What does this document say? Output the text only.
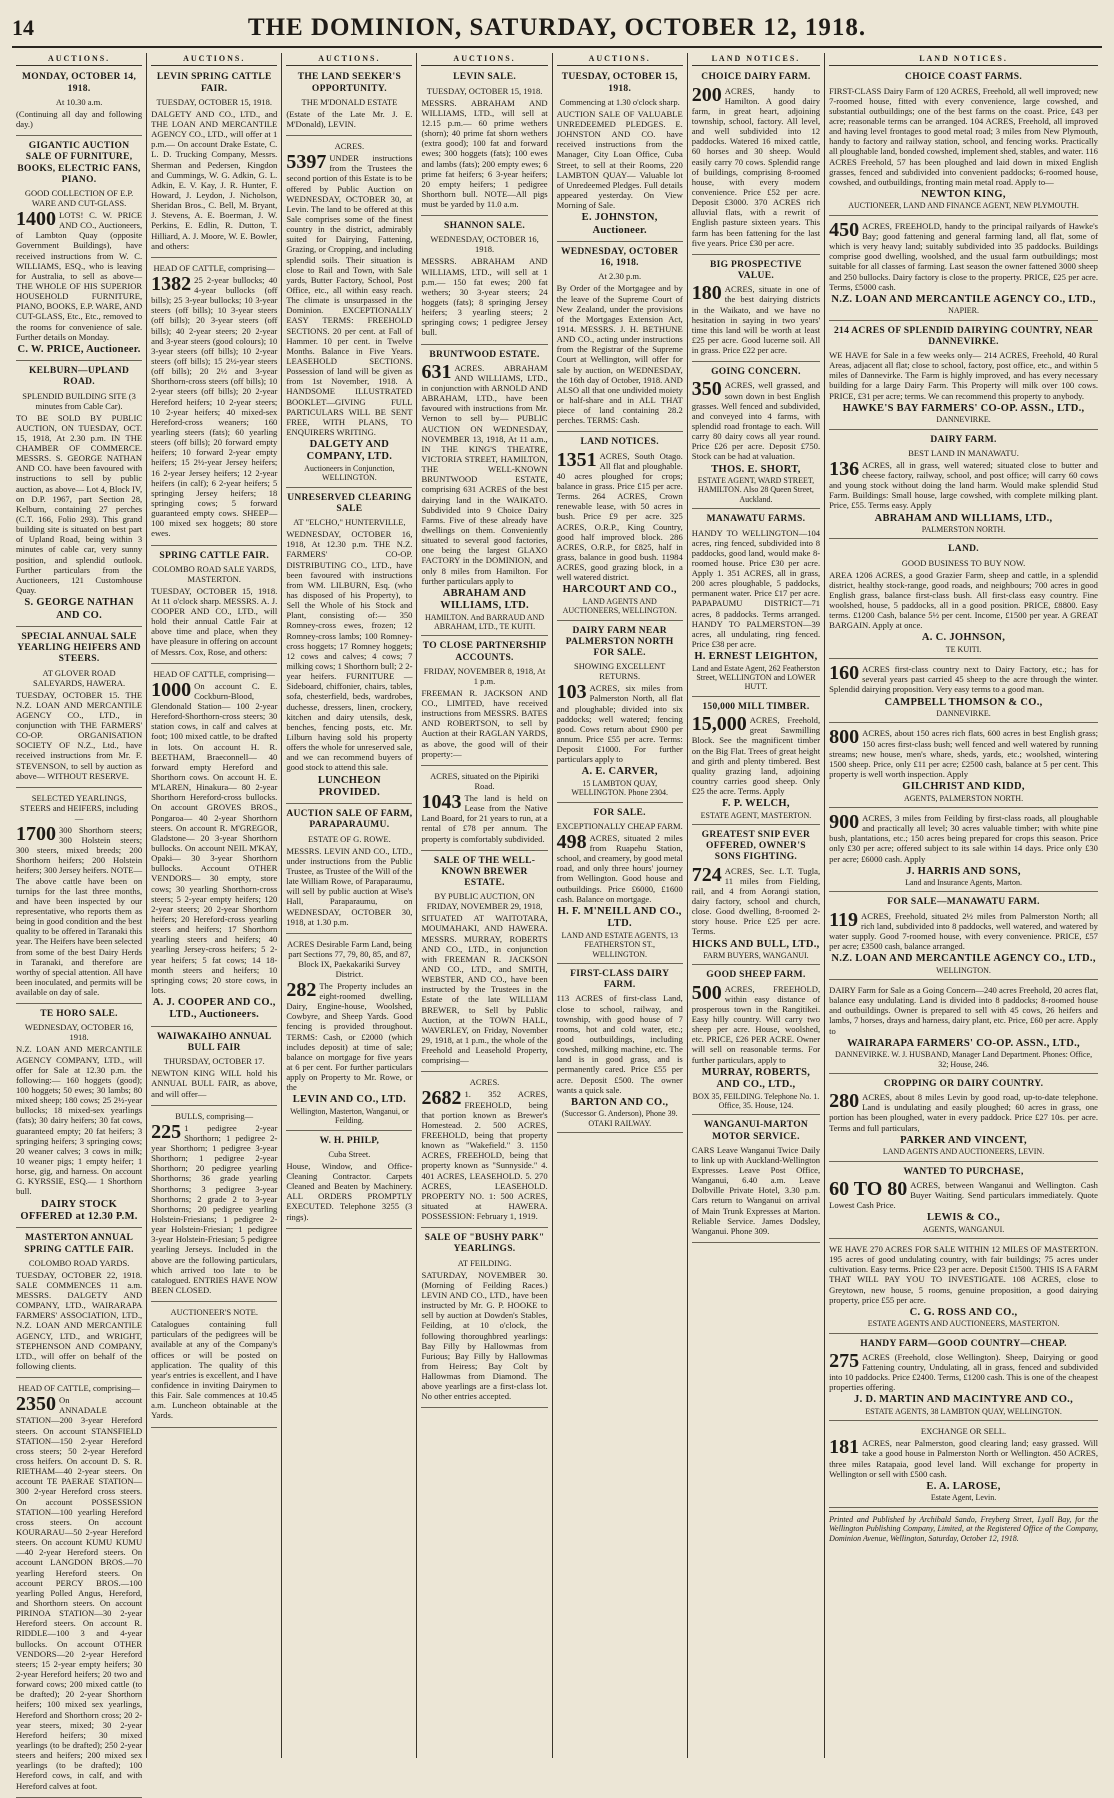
14	THE DOMINION, SATURDAY, OCTOBER 12, 1918.
AUCTIONS.
MONDAY, OCTOBER 14, 1918.
At 10.30 a.m.
(Continuing all day and following day.)
GIGANTIC AUCTION SALE OF FURNITURE, BOOKS, ELECTRIC FANS, PIANO.
GOOD COLLECTION OF E.P. WARE AND CUT-GLASS.
1400 LOTS! C. W. PRICE AND CO., Auctioneers, of Lambton Quay (opposite Government Buildings), have received instructions from W. C. WILLIAMS, ESQ., who is leaving for Australia, to sell as above— THE WHOLE OF HIS SUPERIOR HOUSEHOLD FURNITURE, PIANO, BOOKS, E.P. WARE, AND CUT-GLASS, Etc., Etc., removed to the rooms for convenience of sale. Further details on Monday.
C. W. PRICE, Auctioneer.
KELBURN—UPLAND ROAD.
SPLENDID BUILDING SITE (3 minutes from Cable Car).
TO BE SOLD BY PUBLIC AUCTION, ON TUESDAY, OCT. 15, 1918, At 2.30 p.m. IN THE CHAMBER OF COMMERCE. MESSRS. S. GEORGE NATHAN AND CO. have been favoured with instructions to sell by public auction, as above— Lot 4, Block IV, on D.P. 1967, part Section 28, Kelburn, containing 27 perches (C.T. 166, Folio 293). This grand building site is situated on best part of Upland Road, being within 3 minutes of cable car, very sunny position, and splendid outlook. Further particulars from the Auctioneers, 121 Customhouse Quay.
S. GEORGE NATHAN AND CO.
SPECIAL ANNUAL SALE YEARLING HEIFERS AND STEERS.
AT GLOVER ROAD SALEYARDS, HAWERA.
TUESDAY, OCTOBER 15. THE N.Z. LOAN AND MERCANTILE AGENCY CO., LTD., in conjunction with THE FARMERS' CO-OP. ORGANISATION SOCIETY OF N.Z., Ltd., have received instructions from Mr. F. STEVENSON, to sell by auction as above— WITHOUT RESERVE.
SELECTED YEARLINGS, STEERS and HEIFERS, including—
1700 300 Shorthorn steers; 300 Holstein steers; 300 steers, mixed breeds; 200 Shorthorn heifers; 200 Holstein heifers; 300 Jersey heifers. NOTE—The above cattle have been on turnips for the last three months, and have been inspected by our representative, who reports them as being in good condition and the best quality to be offered in Taranaki this year. The Heifers have been selected from some of the best Dairy Herds in Taranaki, and therefore are worthy of special attention. All have been inoculated, and permits will be available on day of sale.
TE HORO SALE.
WEDNESDAY, OCTOBER 16, 1918.
N.Z. LOAN AND MERCANTILE AGENCY COMPANY, LTD., will offer for Sale at 12.30 p.m. the following:— 160 hoggets (good); 100 hoggets; 50 ewes; 30 lambs; 80 mixed sheep; 180 cows; 25 2½-year bullocks; 18 mixed-sex yearlings (fats); 30 dairy heifers; 30 fat cows, guaranteed empty; 20 fat heifers; 3 springing heifers; 3 springing cows; 20 weaner calves; 3 cows in milk; 10 weaner pigs; 1 empty heifer; 1 horse, gig, and harness. On account G. KYRSSIE, ESQ.— 1 Shorthorn bull.
DAIRY STOCK OFFERED at 12.30 P.M.
MASTERTON ANNUAL SPRING CATTLE FAIR.
COLOMBO ROAD YARDS.
TUESDAY, OCTOBER 22, 1918. SALE COMMENCES 11 a.m. MESSRS. DALGETY AND COMPANY, LTD., WAIRARAPA FARMERS' ASSOCIATION, LTD., N.Z. LOAN AND MERCANTILE AGENCY, LTD., and WRIGHT, STEPHENSON AND COMPANY, LTD., will offer on behalf of the following clients.
HEAD OF CATTLE, comprising—
2350 On account ANNADALE STATION—200 3-year Hereford steers. On account STANSFIELD STATION—150 2-year Hereford cross steers; 50 2-year Hereford cross heifers. On account D. S. R. RIETHAM—40 2-year steers. On account TE PAERAE STATION—300 2-year Hereford cross steers. On account POSSESSION STATION—100 yearling Hereford cross steers. On account KOURARAU—50 2-year Hereford steers. On account KUMU KUMU—40 2-year Hereford steers. On account LANGDON BROS.—70 yearling Hereford steers. On account PERCY BROS.—100 yearling Polled Angus, Hereford, and Shorthorn steers. On account PIRINOA STATION—30 2-year Hereford steers. On account R. RIDDLE—100 3 and 4-year bullocks. On account OTHER VENDORS—20 2-year Hereford steers; 15 2-year empty heifers; 30 2-year Hereford heifers; 20 two and forward cows; 200 mixed cattle (to be drafted); 20 2-year Shorthorn heifers; 100 mixed sex yearlings, Hereford and Shorthorn cross; 20 2-year steers, mixed; 30 2-year Hereford heifers; 30 mixed yearlings (to be drafted); 250 2-year steers and heifers; 200 mixed sex yearlings (to be drafted); 100 Hereford cows, in calf, and with Hereford calves at foot.
AUCTIONS.
LEVIN SPRING CATTLE FAIR.
TUESDAY, OCTOBER 15, 1918.
DALGETY AND CO., LTD., and THE LOAN AND MERCANTILE AGENCY CO., LTD., will offer at 1 p.m.— On account Drake Estate, C. L. D. Trucking Company, Messrs. Sherman and Pedersen, Kingdon and Cummings, W. G. Adkin, G. L. Adkin, E. V. Kay, J. R. Hunter, F. Howard, J. Leydon, J. Nicholson, Sheridan Bros., C. Bell, M. Bryant, J. Stevens, A. E. Boerman, J. W. Perkins, E. Edlin, R. Dutton, T. Hilliard, A. J. Moore, W. E. Bowler, and others:
HEAD OF CATTLE, comprising—
1382 25 2-year bullocks; 40 4-year bullocks (off bills); 25 3-year bullocks; 10 3-year steers (off bills); 10 3-year steers (off bills); 20 3-year steers (off bills); 40 2-year steers; 20 2-year and 3-year steers (good colours); 10 3-year steers (off bills); 10 2-year steers (off bills); 15 2½-year steers (off bills); 20 2½ and 3-year Shorthorn-cross steers (off bills); 10 2-year steers (off bills); 20 2-year Hereford heifers; 10 2-year steers; 10 2-year heifers; 40 mixed-sex Hereford-cross weaners; 160 yearling steers (fats); 60 yearling steers (off bills); 20 forward empty heifers; 10 forward 2-year empty heifers; 15 2½-year Jersey heifers; 16 2-year Jersey heifers; 12 2-year heifers (in calf); 6 2-year heifers; 5 springing Jersey heifers; 18 springing cows; 5 forward guaranteed empty cows. SHEEP—100 mixed sex hoggets; 80 store ewes.
SPRING CATTLE FAIR.
COLOMBO ROAD SALE YARDS, MASTERTON.
TUESDAY, OCTOBER 15, 1918. At 11 o'clock sharp. MESSRS. A. J. COOPER AND CO., LTD., will hold their annual Cattle Fair at above time and place, when they have pleasure in offering on account of Messrs. Cox, Rose, and others:
HEAD OF CATTLE, comprising—
1000 On account C. E. Cockburn-Blood, Glendonald Station— 100 2-year Hereford-Shorthorn-cross steers; 30 station cows, in calf and calves at foot; 100 mixed cattle, to be drafted in lots. On account H. R. BEETHAM, Braeconnell— 40 forward empty Hereford and Shorthorn cows. On account H. E. M'LAREN, Hinakura— 80 2-year Shorthorn Hereford-cross bullocks. On account GROVES BROS., Pongaroa— 40 2-year Shorthorn steers. On account R. M'GREGOR, Gladstone— 20 3-year Shorthorn bullocks. On account NEIL M'KAY, Opaki— 30 3-year Shorthorn bullocks. Account OTHER VENDORS— 30 empty, store cows; 30 yearling Shorthorn-cross steers; 5 2-year empty heifers; 120 2-year steers; 20 2-year Shorthorn heifers; 20 Hereford-cross yearling steers and heifers; 17 Shorthorn yearling steers and heifers; 40 yearling Jersey-cross heifers; 5 2-year heifers; 5 fat cows; 14 18-month steers and heifers; 10 springing cows; 20 store cows, in lots.
A. J. COOPER AND CO., LTD., Auctioneers.
WAIWAKAIHO ANNUAL BULL FAIR
THURSDAY, OCTOBER 17.
NEWTON KING WILL hold his ANNUAL BULL FAIR, as above, and will offer—
BULLS, comprising—
225 1 pedigree 2-year Shorthorn; 1 pedigree 2-year Shorthorn; 1 pedigree 3-year Shorthorn; 1 pedigree 2-year Shorthorn; 20 pedigree yearling Shorthorns; 36 grade yearling Shorthorns; 3 pedigree 3-year Shorthorns; 2 grade 2 to 3-year Shorthorns; 20 pedigree yearling Holstein-Friesians; 1 pedigree 2-year Holstein-Friesian; 1 pedigree 3-year Holstein-Friesian; 5 pedigree yearling Jerseys. Included in the above are the following particulars, which arrived too late to be catalogued. ENTRIES HAVE NOW BEEN CLOSED.
AUCTIONEER'S NOTE.
Catalogues containing full particulars of the pedigrees will be available at any of the Company's offices or will be posted on application. The quality of this year's entries is excellent, and I have confidence in inviting Dairymen to this Fair. Sale commences at 10.45 a.m. Luncheon obtainable at the Yards.
AUCTIONS.
THE LAND SEEKER'S OPPORTUNITY.
THE M'DONALD ESTATE
(Estate of the Late Mr. J. E. M'Donald), LEVIN.
ACRES.
5397 UNDER instructions from the Trustees the second portion of this Estate is to be offered by Public Auction on WEDNESDAY, OCTOBER 30, at Levin. The land to be offered at this Sale comprises some of the finest country in the district, admirably suited for Dairying, Fattening, Grazing, or Cropping, and including splendid soils. Their situation is close to Rail and Town, with Sale yards, Butter Factory, School, Post Office, etc., all within easy reach. The climate is unsurpassed in the Dominion. EXCEPTIONALLY EASY TERMS: FREEHOLD SECTIONS. 20 per cent. at Fall of Hammer. 10 per cent. in Twelve Months. Balance in Five Years. LEASEHOLD SECTIONS. Possession of land will be given as from 1st November, 1918. A HANDSOME ILLUSTRATED BOOKLET—GIVING FULL PARTICULARS WILL BE SENT FREE, WITH PLANS, TO ENQUIRERS WRITING.
DALGETY AND COMPANY, LTD.
Auctioneers in Conjunction, WELLINGTON.
UNRESERVED CLEARING SALE
AT "ELCHO," HUNTERVILLE,
WEDNESDAY, OCTOBER 16, 1918, At 12.30 p.m. THE N.Z. FARMERS' CO-OP. DISTRIBUTING CO., LTD., have been favoured with instructions from WM. LILBURN, Esq. (who has disposed of his Property), to Sell the Whole of his Stock and Plant, consisting of:— 350 Romney-cross ewes, frozen; 12 Romney-cross lambs; 100 Romney-cross hoggets; 17 Romney hoggets; 12 cows and calves; 4 cows; 7 milking cows; 1 Shorthorn bull; 2 2-year heifers. FURNITURE — Sideboard, chiffonier, chairs, tables, sofa, chesterfield, beds, wardrobes, duchesse, dressers, linen, crockery, kitchen and dairy utensils, desk, benches, fencing posts, etc. Mr. Lilburn having sold his property offers the whole for unreserved sale, and we can recommend buyers of good stock to attend this sale.
LUNCHEON PROVIDED.
AUCTION SALE OF FARM, PARAPARAUMU.
ESTATE OF G. ROWE.
MESSRS. LEVIN AND CO., LTD., under instructions from the Public Trustee, as Trustee of the Will of the late William Rowe, of Paraparaumu, will sell by public auction at Wise's Hall, Paraparaumu, on WEDNESDAY, OCTOBER 30, 1918, at 1.30 p.m.
ACRES Desirable Farm Land, being part Sections 77, 79, 80, 85, and 87, Block IX, Paekakariki Survey District.
282 The Property includes an eight-roomed dwelling, Dairy, Engine-house, Woolshed, Cowbyre, and Sheep Yards. Good fencing is provided throughout. TERMS: Cash, or £2000 (which includes deposit) at time of sale; balance on mortgage for five years at 6 per cent. For further particulars apply on Property to Mr. Rowe, or the
LEVIN AND CO., LTD.
Wellington, Masterton, Wanganui, or Feilding.
W. H. PHILP,
Cuba Street.
House, Window, and Office-Cleaning Contractor. Carpets Cleaned and Beaten by Machinery. ALL ORDERS PROMPTLY EXECUTED. Telephone 3255 (3 rings).
AUCTIONS.
LEVIN SALE.
TUESDAY, OCTOBER 15, 1918.
MESSRS. ABRAHAM AND WILLIAMS, LTD., will sell at 12.15 p.m.— 60 prime wethers (shorn); 40 prime fat shorn wethers (extra good); 100 fat and forward ewes; 300 hoggets (fats); 100 ewes and lambs (fats); 200 empty ewes; 6 prime fat heifers; 6 3-year heifers; 20 empty heifers; 1 pedigree Shorthorn bull. NOTE—All pigs must be yarded by 11.0 a.m.
SHANNON SALE.
WEDNESDAY, OCTOBER 16, 1918.
MESSRS. ABRAHAM AND WILLIAMS, LTD., will sell at 1 p.m.— 150 fat ewes; 200 fat wethers; 30 3-year steers; 24 hoggets (fats); 8 springing Jersey heifers; 3 yearling steers; 2 springing cows; 1 pedigree Jersey bull.
BRUNTWOOD ESTATE.
631 ACRES. ABRAHAM AND WILLIAMS, LTD., in conjunction with ARNOLD AND ABRAHAM, LTD., have been favoured with instructions from Mr. Vernon to sell by— PUBLIC AUCTION ON WEDNESDAY, NOVEMBER 13, 1918, At 11 a.m., IN THE KING'S THEATRE, VICTORIA STREET, HAMILTON, THE WELL-KNOWN BRUNTWOOD ESTATE, comprising 631 ACRES of the best dairying land in the WAIKATO. Subdivided into 9 Choice Dairy Farms. Five of these already have dwellings on them. Conveniently situated to several good factories, one being the largest GLAXO FACTORY in the DOMINION, and only 8 miles from Hamilton. For further particulars apply to
ABRAHAM AND WILLIAMS, LTD.
HAMILTON. And BARRAUD AND ABRAHAM, LTD., TE KUITI.
TO CLOSE PARTNERSHIP ACCOUNTS.
FRIDAY, NOVEMBER 8, 1918, At 1 p.m.
FREEMAN R. JACKSON AND CO., LIMITED, have received instructions from MESSRS. BATES AND ROBERTSON, to sell by Auction at their RAGLAN YARDS, as above, the good will of their property:—
ACRES, situated on the Pipiriki Road.
1043 The land is held on Lease from the Native Land Board, for 21 years to run, at a rental of £78 per annum. The property is comfortably subdivided.
SALE OF THE WELL-KNOWN BREWER ESTATE.
BY PUBLIC AUCTION, ON FRIDAY, NOVEMBER 29, 1918,
SITUATED AT WAITOTARA, MOUMAHAKI, AND HAWERA. MESSRS. MURRAY, ROBERTS AND CO., LTD., in conjunction with FREEMAN R. JACKSON AND CO., LTD., and SMITH, WEBSTER, AND CO., have been instructed by the Trustees in the Estate of the late WILLIAM BREWER, to Sell by Public Auction, at the TOWN HALL, WAVERLEY, on Friday, November 29, 1918, at 1 p.m., the whole of the Freehold and Leasehold Property, comprising—
ACRES.
2682 1. 352 ACRES, FREEHOLD, being that portion known as Brewer's Homestead. 2. 500 ACRES, FREEHOLD, being that property known as "Wakefield." 3. 1150 ACRES, FREEHOLD, being that property known as "Sunnyside." 4. 401 ACRES, LEASEHOLD. 5. 270 ACRES, LEASEHOLD. PROPERTY NO. 1: 500 ACRES, situated at HAWERA. POSSESSION: February 1, 1919.
SALE OF "BUSHY PARK" YEARLINGS.
AT FEILDING.
SATURDAY, NOVEMBER 30. (Morning of Feilding Races.) LEVIN AND CO., LTD., have been instructed by Mr. G. P. HOOKE to sell by auction at Dowden's Stables, Feilding, at 10 o'clock, the following thoroughbred yearlings: Bay Filly by Hallowmas from Furious; Bay Filly by Hallowmas from Heiress; Bay Colt by Hallowmas from Diamond. The above yearlings are a first-class lot. No other entries accepted.
AUCTIONS.
TUESDAY, OCTOBER 15, 1918.
Commencing at 1.30 o'clock sharp.
AUCTION SALE OF VALUABLE UNREDEEMED PLEDGES. E. JOHNSTON AND CO. have received instructions from the Manager, City Loan Office, Cuba Street, to sell at their Rooms, 220 LAMBTON QUAY— Valuable lot of Unredeemed Pledges. Full details appeared yesterday. On View Morning of Sale.
E. JOHNSTON, Auctioneer.
WEDNESDAY, OCTOBER 16, 1918.
At 2.30 p.m.
By Order of the Mortgagee and by the leave of the Supreme Court of New Zealand, under the provisions of the Mortgages Extension Act, 1914. MESSRS. J. H. BETHUNE AND CO., acting under instructions from the Registrar of the Supreme Court at Wellington, will offer for sale by auction, on WEDNESDAY, the 16th day of October, 1918. AND ALSO all that one undivided moiety or half-share and in ALL THAT piece of land containing 28.2 perches. TERMS: Cash.
LAND NOTICES.
1351 ACRES, South Otago. All flat and ploughable. 40 acres ploughed for crops; balance in grass. Price £15 per acre. Terms. 264 ACRES, Crown renewable lease, with 50 acres in bush. Price £9 per acre. 325 ACRES, O.R.P., King Country, good half improved block. 286 ACRES, O.R.P., for £825, half in grass, balance in good bush. 11984 ACRES, good grazing block, in a well watered district.
HARCOURT AND CO.,
LAND AGENTS AND AUCTIONEERS, WELLINGTON.
DAIRY FARM NEAR PALMERSTON NORTH FOR SALE.
SHOWING EXCELLENT RETURNS.
103 ACRES, six miles from Palmerston North, all flat and ploughable; divided into six paddocks; well watered; fencing good. Cows return about £900 per annum. Price £55 per acre. Terms: Deposit £1000. For further particulars apply to
A. E. CARVER,
15 LAMBTON QUAY, WELLINGTON. Phone 2304.
FOR SALE.
EXCEPTIONALLY CHEAP FARM.
498 ACRES, situated 2 miles from Ruapehu Station, school, and creamery, by good metal road, and only three hours' journey from Wellington. Good house and outbuildings. Price £6000, £1600 cash. Balance on mortgage.
H. F. M'NEILL AND CO., LTD.
LAND AND ESTATE AGENTS, 13 FEATHERSTON ST., WELLINGTON.
FIRST-CLASS DAIRY FARM.
113 ACRES of first-class Land, close to school, railway, and township, with good house of 7 rooms, hot and cold water, etc.; good outbuildings, including cowshed, milking machine, etc. The land is in good grass, and is permanently cared. Price £55 per acre. Deposit £500. The owner wants a quick sale.
BARTON AND CO.,
(Successor G. Anderson), Phone 39. OTAKI RAILWAY.
LAND NOTICES.
CHOICE DAIRY FARM.
200 ACRES, handy to Hamilton. A good dairy farm, in great heart, adjoining township, school, factory. All level, and well subdivided into 12 paddocks. Watered 16 mixed cattle, 60 horses and 30 sheep. Would easily carry 70 cows. Splendid range of buildings, comprising 8-roomed house, with every modern convenience. Price £52 per acre. Deposit £3000. 370 ACRES rich alluvial flats, with a rewrit of English pasture sixteen years. This farm has been fattening for the last five years. Price £30 per acre.
BIG PROSPECTIVE VALUE.
180 ACRES, situate in one of the best dairying districts in the Waikato, and we have no hesitation in saying in two years' time this land will be worth at least £25 per acre. Good lucerne soil. All in grass. Price £22 per acre.
GOING CONCERN.
350 ACRES, well grassed, and sown down in best English grasses. Well fenced and subdivided, and conveyed into 4 farms, with splendid road frontage to each. Will carry 80 dairy cows all year round. Price £26 per acre. Deposit £750. Stock can be had at valuation.
THOS. E. SHORT,
ESTATE AGENT, WARD STREET, HAMILTON. Also 28 Queen Street, Auckland.
MANAWATU FARMS.
HANDY TO WELLINGTON—104 acres, ring fenced, subdivided into 8 paddocks, good land, would make 8-roomed house. Price £30 per acre. Apply 1. 351 ACRES, all in grass, 200 acres ploughable, 5 paddocks, permanent water. Price £17 per acre. PAPAPAUMU DISTRICT—71 acres, 8 paddocks. Terms arranged. HANDY TO PALMERSTON—39 acres, all undulating, ring fenced. Price £38 per acre.
H. ERNEST LEIGHTON,
Land and Estate Agent, 262 Featherston Street, WELLINGTON and LOWER HUTT.
150,000 MILL TIMBER.
15,000 ACRES, Freehold, great Sawmilling Block. See the magnificent timber on the Big Flat. Trees of great height and girth and plenty timbered. Best quality grazing land, adjoining country carries good sheep. Only £25 the acre. Terms. Apply
F. P. WELCH,
ESTATE AGENT, MASTERTON.
GREATEST SNIP EVER OFFERED, OWNER'S SONS FIGHTING.
724 ACRES, Sec. L.T. Tugla, 11 miles from Fielding, rail, and 4 from Aorangi station, dairy factory, school and church, close. Good dwelling, 8-roomed 2-story house. Price £25 per acre. Terms.
HICKS AND BULL, LTD.,
FARM BUYERS, WANGANUI.
GOOD SHEEP FARM.
500 ACRES, FREEHOLD, within easy distance of prosperous town in the Rangitikei. Easy hilly country. Will carry two sheep per acre. House, woolshed, etc. PRICE, £26 PER ACRE. Owner will sell on reasonable terms. For further particulars, apply to
MURRAY, ROBERTS, AND CO., LTD.,
BOX 35, FEILDING. Telephone No. 1. Office, 35. House, 124.
WANGANUI-MARTON MOTOR SERVICE.
CARS Leave Wanganui Twice Daily to link up with Auckland-Wellington Expresses. Leave Post Office, Wanganui, 6.40 a.m. Leave Dolbville Private Hotel, 3.30 p.m. Cars return to Wanganui on arrival of Main Trunk Expresses at Marton. Reliable Service. James Dodsley, Wanganui. Phone 309.
LAND NOTICES.
CHOICE COAST FARMS.
FIRST-CLASS Dairy Farm of 120 ACRES, Freehold, all well improved; new 7-roomed house, fitted with every convenience, large cowshed, and substantial outbuildings; one of the best farms on the coast. Price, £43 per acre; reasonable terms can be arranged. 104 ACRES, Freehold, all improved and having level frontages to good metal road; 3 miles from New Plymouth, handy to factory and railway station, school, and fencing works. Practically all ploughable land, bonded cowshed, implement shed, stables, and water. 116 ACRES Freehold, 57 has been ploughed and laid down in mixed English grasses, fenced and subdivided into convenient paddocks; 6-roomed house, cowshed, and outbuildings, fronting main metal road. Apply to—
NEWTON KING,
AUCTIONEER, LAND AND FINANCE AGENT, NEW PLYMOUTH.
450 ACRES, FREEHOLD, handy to the principal railyards of Hawke's Bay; good fattening and general farming land, all flat, some of which is very heavy land; suitably subdivided into 35 paddocks. Buildings comprise good dwelling, woolshed, and the usual farm outbuildings; most suitable for all classes of farming. Last season the owner fattened 3000 sheep and 250 bullocks. Dairy factory is close to the property. PRICE, £25 per acre. Terms, £5000 cash.
N.Z. LOAN AND MERCANTILE AGENCY CO., LTD.,
NAPIER.
214 ACRES OF SPLENDID DAIRYING COUNTRY, NEAR DANNEVIRKE.
WE HAVE for Sale in a few weeks only— 214 ACRES, Freehold, 40 Rural Areas, adjacent all flat; close to school, factory, post office, etc., and within 5 miles of Dannevirke. The Farm is highly improved, and has every necessary building for a large Dairy Farm. This Property will milk over 100 cows. PRICE, £31 per acre; terms. We can recommend this property to anybody.
HAWKE'S BAY FARMERS' CO-OP. ASSN., LTD.,
DANNEVIRKE.
DAIRY FARM.
BEST LAND IN MANAWATU.
136 ACRES, all in grass, well watered; situated close to butter and cheese factory, railway, school, and post office; will carry 60 cows and young stock without doing the land harm. Would make splendid Stud Farm. Buildings: Small house, large cowshed, with complete milking plant. Price, £55. Terms easy. Apply
ABRAHAM AND WILLIAMS, LTD.,
PALMERSTON NORTH.
LAND.
GOOD BUSINESS TO BUY NOW.
AREA 1206 ACRES, a good Grazier Farm, sheep and cattle, in a splendid district, healthy stock-range, good roads, and neighbours; 700 acres in good English grass, balance first-class bush. All first-class easy country. Fine woolshed, house, 5 paddocks, all in a good position. PRICE, £8800. Easy terms. £1200 Cash, balance 5½ per cent. Income, £1500 per year. A GREAT BARGAIN. Apply at once.
A. C. JOHNSON,
TE KUITI.
160 ACRES first-class country next to Dairy Factory, etc.; has for several years past carried 45 sheep to the acre through the winter. Splendid dairying proposition. Very easy terms to a good man.
CAMPBELL THOMSON & CO.,
DANNEVIRKE.
800 ACRES, about 150 acres rich flats, 600 acres in best English grass; 150 acres first-class bush; well fenced and well watered by running streams; new house, men's whare, sheds, yards, etc.; woolshed, wintering 1500 sheep. Price, only £11 per acre; £2500 cash, balance at 5 per cent. This property is well worth inspection. Apply
GILCHRIST AND KIDD,
AGENTS, PALMERSTON NORTH.
900 ACRES, 3 miles from Feilding by first-class roads, all ploughable and practically all level; 30 acres valuable timber; with white pine bush, plantations, etc.; 150 acres being prepared for crops this season. Price only £30 per acre; offered subject to its sale within 14 days. Price only £30 per acre; £6000 cash. Apply
J. HARRIS AND SONS,
Land and Insurance Agents, Marton.
FOR SALE—MANAWATU FARM.
119 ACRES, Freehold, situated 2½ miles from Palmerston North; all rich land, subdivided into 8 paddocks, well watered, and watered by water supply. Good 7-roomed house, with every convenience. PRICE, £57 per acre; £3500 cash, balance arranged.
N.Z. LOAN AND MERCANTILE AGENCY CO., LTD.,
WELLINGTON.
DAIRY Farm for Sale as a Going Concern—240 acres Freehold, 20 acres flat, balance easy undulating. Land is divided into 8 paddocks; 8-roomed house and outbuildings. Owner is prepared to sell with 45 cows, 26 heifers and lambs, 7 horses, drays and harness, dairy plant, etc. Price, £60 per acre. Apply to
WAIRARAPA FARMERS' CO-OP. ASSN., LTD.,
DANNEVIRKE. W. J. HUSBAND, Manager Land Department. Phones: Office, 32; House, 246.
CROPPING OR DAIRY COUNTRY.
280 ACRES, about 8 miles Levin by good road, up-to-date telephone. Land is undulating and easily ploughed; 60 acres in grass, one portion has been ploughed, water in every paddock. Price £27 10s. per acre. Terms and full particulars,
PARKER AND VINCENT,
LAND AGENTS AND AUCTIONEERS, LEVIN.
WANTED TO PURCHASE,
60 TO 80 ACRES, between Wanganui and Wellington. Cash Buyer Waiting. Send particulars immediately. Quote Lowest Cash Price.
LEWIS & CO.,
AGENTS, WANGANUI.
WE HAVE 270 ACRES FOR SALE WITHIN 12 MILES OF MASTERTON. 195 acres of good undulating country, with fair buildings; 75 acres under cultivation. Easy terms. Price £23 per acre. Deposit £1500. THIS IS A FARM THAT WILL PAY YOU TO INVESTIGATE. 108 ACRES, close to Greytown, new house, 5 rooms, genuine proposition, a good dairying property, price £55 per acre.
C. G. ROSS AND CO.,
ESTATE AGENTS AND AUCTIONEERS, MASTERTON.
HANDY FARM—GOOD COUNTRY—CHEAP.
275 ACRES (Freehold, close Wellington). Sheep, Dairying or good Fattening country, Undulating, all in grass, fenced and subdivided into 10 paddocks. Price £2400. Terms, £1200 cash. This is one of the cheapest properties offering.
J. D. MARTIN AND MACINTYRE AND CO.,
ESTATE AGENTS, 38 LAMBTON QUAY, WELLINGTON.
EXCHANGE OR SELL.
181 ACRES, near Palmerston, good clearing land; easy grassed. Will take a good house in Palmerston North or Wellington. 450 ACRES, three miles Ratapaia, good level land. Will exchange for property in Wellington or sell with £500 cash.
E. A. LAROSE,
Estate Agent, Levin.
Printed and Published by Archibald Sando, Freyberg Street, Lyall Bay, for the Wellington Publishing Company, Limited, at the Registered Office of the Company, Dominion Avenue, Wellington, Saturday, October 12, 1918.
